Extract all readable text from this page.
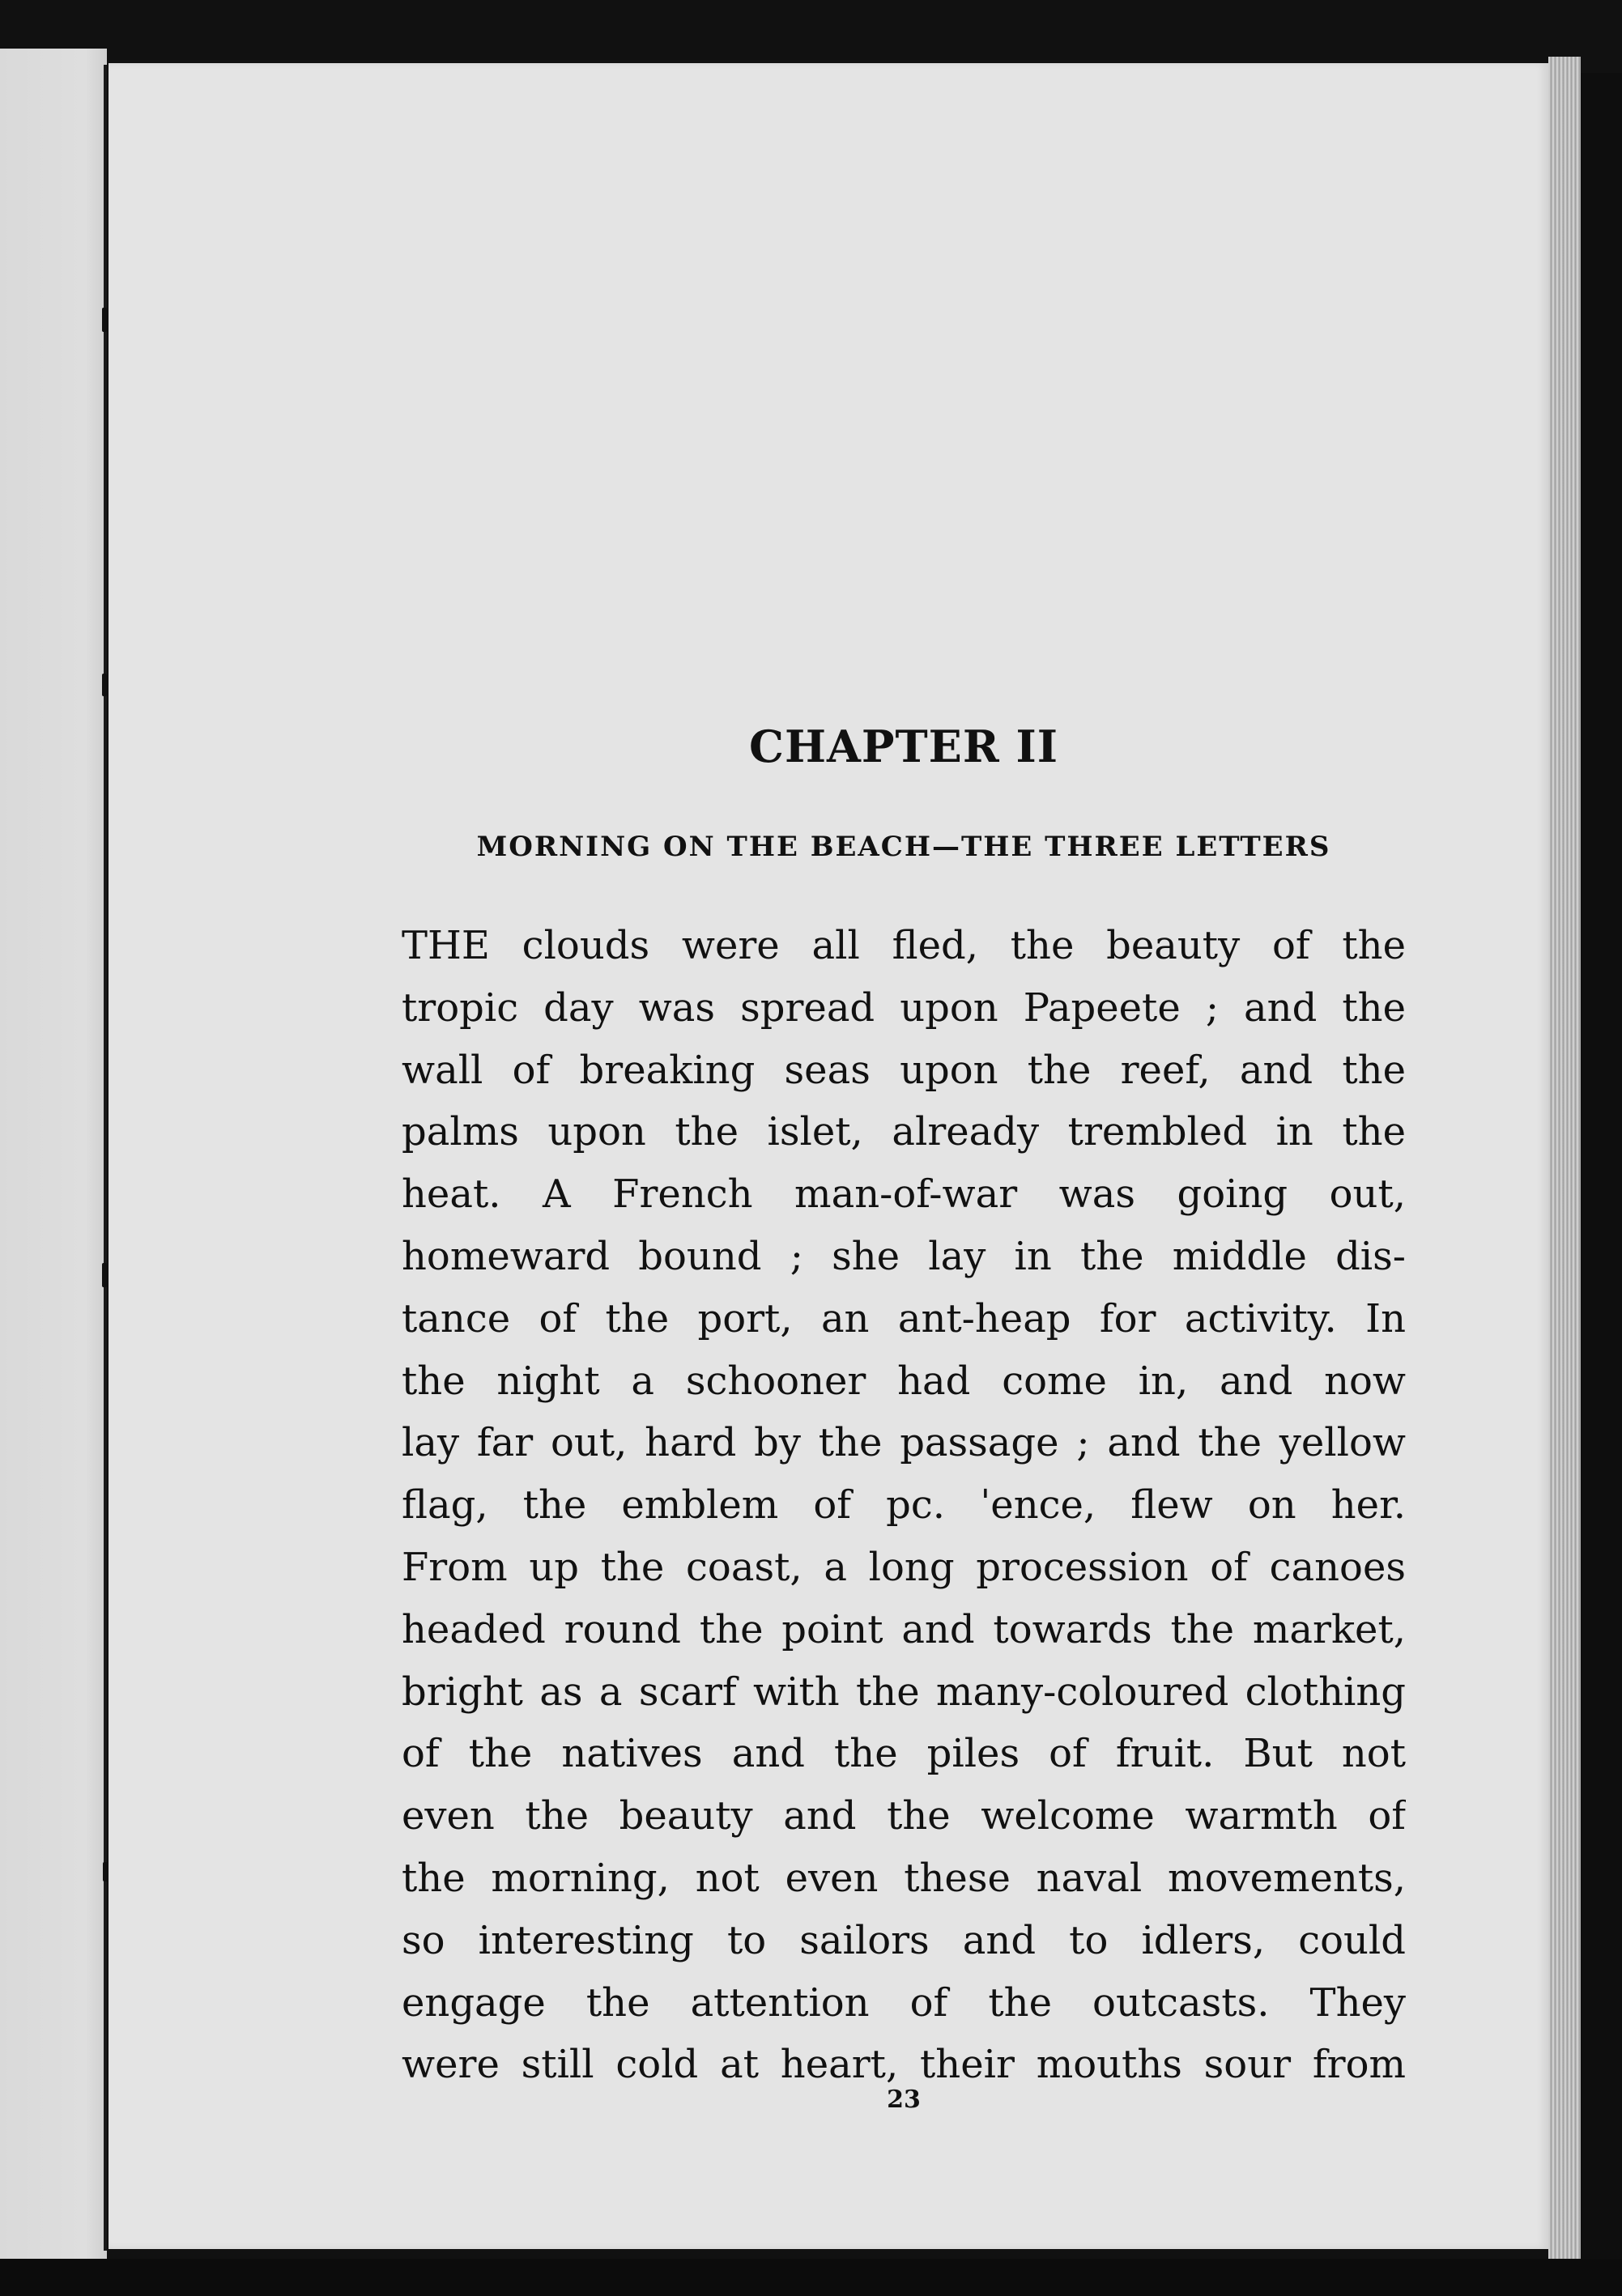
CHAPTER II
MORNING ON THE BEACH—THE THREE LETTERS
THE clouds were all fled, the beauty of the
tropic day was spread upon Papeete ; and the
wall of breaking seas upon the reef, and the
palms upon the islet, already trembled in the
heat. A French man-of-war was going out,
homeward bound ; she lay in the middle dis-
tance of the port, an ant-heap for activity. In
the night a schooner had come in, and now
lay far out, hard by the passage ; and the yellow
flag, the emblem of pc. ˈence, flew on her.
From up the coast, a long procession of canoes
headed round the point and towards the market,
bright as a scarf with the many-coloured clothing
of the natives and the piles of fruit. But not
even the beauty and the welcome warmth of
the morning, not even these naval movements,
so interesting to sailors and to idlers, could
engage the attention of the outcasts. They
were still cold at heart, their mouths sour from
23
